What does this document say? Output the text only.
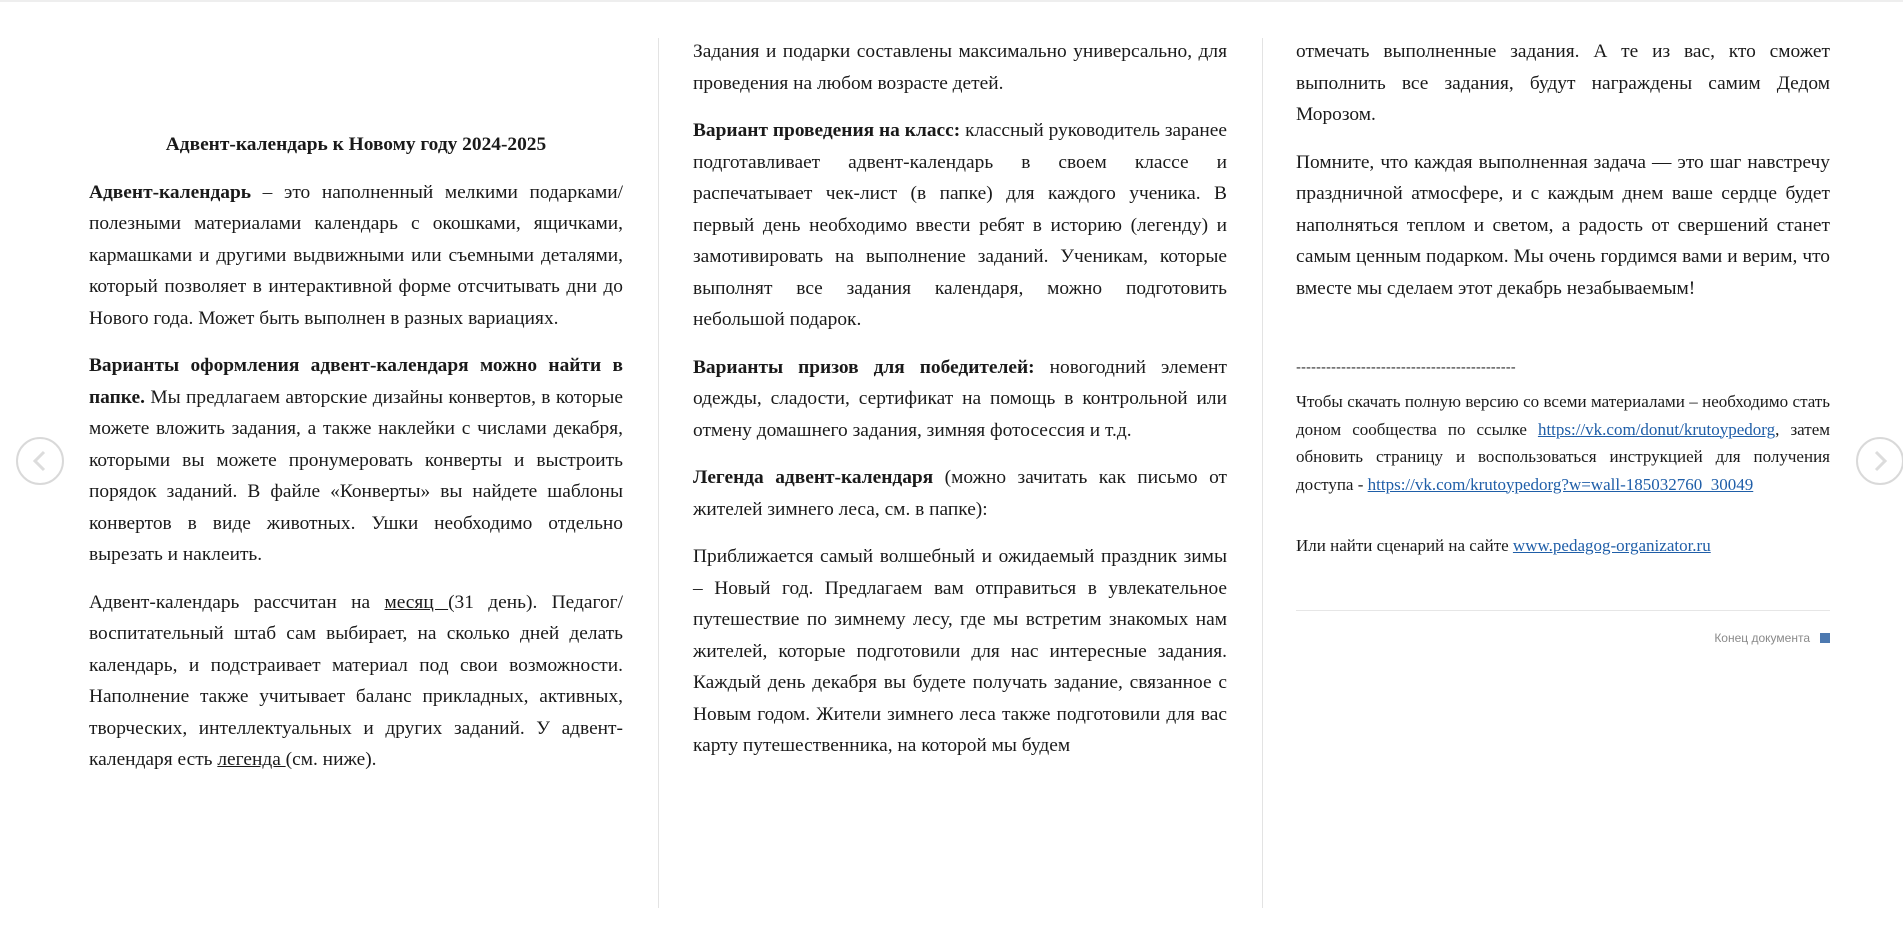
Адвент-календарь к Новому году 2024-2025

Адвент-календарь – это наполненный мелкими подарками/полезными материалами календарь с окошками, ящичками, кармашками и другими выдвижными или съемными деталями, который позволяет в интерактивной форме отсчитывать дни до Нового года. Может быть выполнен в разных вариациях.

Варианты оформления адвент-календаря можно найти в папке. Мы предлагаем авторские дизайны конвертов, в которые можете вложить задания, а также наклейки с числами декабря, которыми вы можете пронумеровать конверты и выстроить порядок заданий. В файле «Конверты» вы найдете шаблоны конвертов в виде животных. Ушки необходимо отдельно вырезать и наклеить.

Адвент-календарь рассчитан на месяц (31 день). Педагог/воспитательный штаб сам выбирает, на сколько дней делать календарь, и подстраивает материал под свои возможности. Наполнение также учитывает баланс прикладных, активных, творческих, интеллектуальных и других заданий. У адвент-календаря есть легенда (см. ниже).

Задания и подарки составлены максимально универсально, для проведения на любом возрасте детей.

Вариант проведения на класс: классный руководитель заранее подготавливает адвент-календарь в своем классе и распечатывает чек-лист (в папке) для каждого ученика. В первый день необходимо ввести ребят в историю (легенду) и замотивировать на выполнение заданий. Ученикам, которые выполнят все задания календаря, можно подготовить небольшой подарок.

Варианты призов для победителей: новогодний элемент одежды, сладости, сертификат на помощь в контрольной или отмену домашнего задания, зимняя фотосессия и т.д.

Легенда адвент-календаря (можно зачитать как письмо от жителей зимнего леса, см. в папке):

Приближается самый волшебный и ожидаемый праздник зимы – Новый год. Предлагаем вам отправиться в увлекательное путешествие по зимнему лесу, где мы встретим знакомых нам жителей, которые подготовили для нас интересные задания. Каждый день декабря вы будете получать задание, связанное с Новым годом. Жители зимнего леса также подготовили для вас карту путешественника, на которой мы будем

отмечать выполненные задания. А те из вас, кто сможет выполнить все задания, будут награждены самим Дедом Морозом.

Помните, что каждая выполненная задача — это шаг навстречу праздничной атмосфере, и с каждым днем ваше сердце будет наполняться теплом и светом, а радость от свершений станет самым ценным подарком. Мы очень гордимся вами и верим, что вместе мы сделаем этот декабрь незабываемым!

--------------------------------------------

Чтобы скачать полную версию со всеми материалами – необходимо стать доном сообщества по ссылке https://vk.com/donut/krutoypedorg, затем обновить страницу и воспользоваться инструкцией для получения доступа - https://vk.com/krutoypedorg?w=wall-185032760_30049

Или найти сценарий на сайте www.pedagog-organizator.ru

Конец документа
